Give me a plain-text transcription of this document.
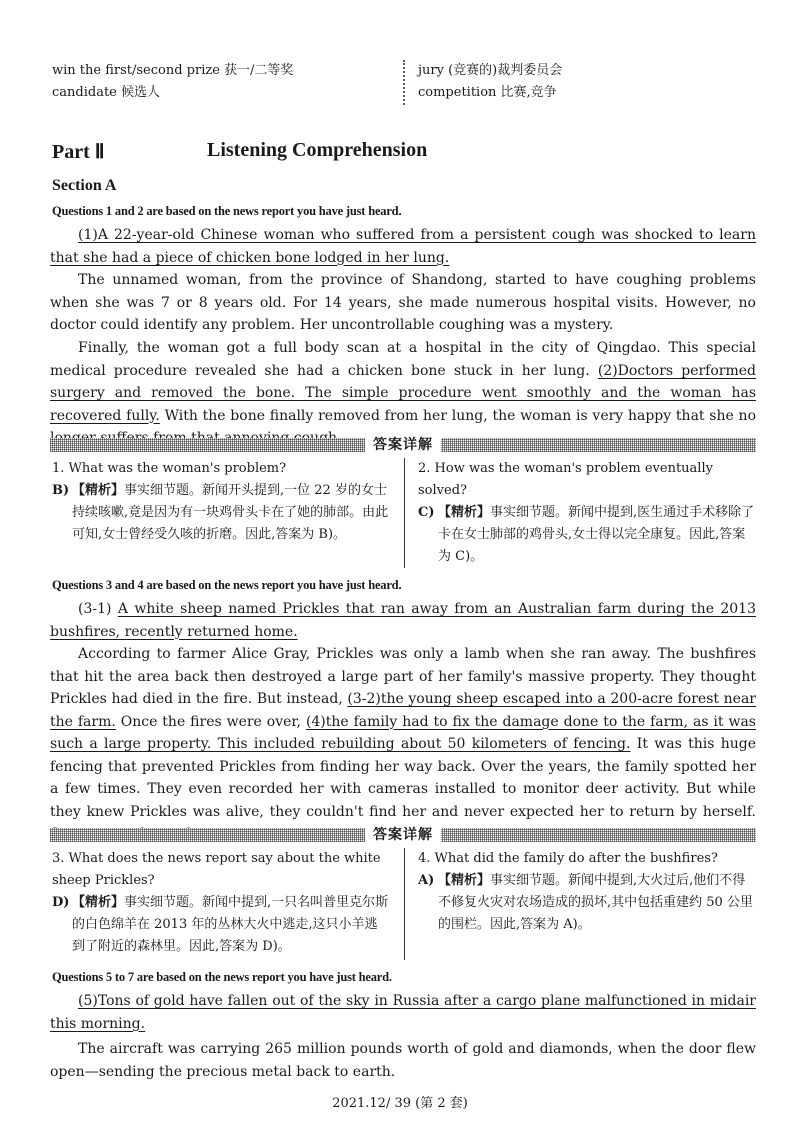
win the first/second prize 获一/二等奖
candidate 候选人
jury (竞赛的)裁判委员会
competition 比赛,竞争
Part Ⅱ	Listening Comprehension
Section A
Questions 1 and 2 are based on the news report you have just heard.
(1)A 22-year-old Chinese woman who suffered from a persistent cough was shocked to learn that she had a piece of chicken bone lodged in her lung.
The unnamed woman, from the province of Shandong, started to have coughing problems when she was 7 or 8 years old. For 14 years, she made numerous hospital visits. However, no doctor could identify any problem. Her uncontrollable coughing was a mystery.
Finally, the woman got a full body scan at a hospital in the city of Qingdao. This special medical procedure revealed she had a chicken bone stuck in her lung. (2)Doctors performed surgery and removed the bone. The simple procedure went smoothly and the woman has recovered fully. With the bone finally removed from her lung, the woman is very happy that she no
答案详解
1. What was the woman's problem?
B) 【精析】事实细节题。新闻开头提到,一位 22 岁的女士持续咳嗽,竟是因为有一块鸡骨头卡在了她的肺部。由此可知,女士曾经受久咳的折磨。因此,答案为 B)。
2. How was the woman's problem eventually solved?
C) 【精析】事实细节题。新闻中提到,医生通过手术移除了卡在女士肺部的鸡骨头,女士得以完全康复。因此,答案为 C)。
Questions 3 and 4 are based on the news report you have just heard.
(3-1) A white sheep named Prickles that ran away from an Australian farm during the 2013 bushfires, recently returned home.
According to farmer Alice Gray, Prickles was only a lamb when she ran away. The bushfires that hit the area back then destroyed a large part of her family's massive property. They thought Prickles had died in the fire. But instead, (3-2)the young sheep escaped into a 200-acre forest near the farm. Once the fires were over, (4)the family had to fix the damage done to the farm, as it was such a large property. This included rebuilding about 50 kilometers of fencing. It was this huge fencing that prevented Prickles from finding her way back. Over the years, the family spotted her a few times. They even recorded her with cameras installed to monitor deer activity. But while they knew Prickles was alive, they couldn't find her and never expected her to return by herself.
答案详解
3. What does the news report say about the white sheep Prickles?
D) 【精析】事实细节题。新闻中提到,一只名叫普里克尔斯的白色绵羊在 2013 年的丛林大火中逃走,这只小羊逃到了附近的森林里。因此,答案为 D)。
4. What did the family do after the bushfires?
A) 【精析】事实细节题。新闻中提到,大火过后,他们不得不修复火灾对农场造成的损坏,其中包括重建约 50 公里的围栏。因此,答案为 A)。
Questions 5 to 7 are based on the news report you have just heard.
(5)Tons of gold have fallen out of the sky in Russia after a cargo plane malfunctioned in midair this morning.
The aircraft was carrying 265 million pounds worth of gold and diamonds, when the door flew open—sending the precious metal back to earth.
2021.12/ 39 (第 2 套)
